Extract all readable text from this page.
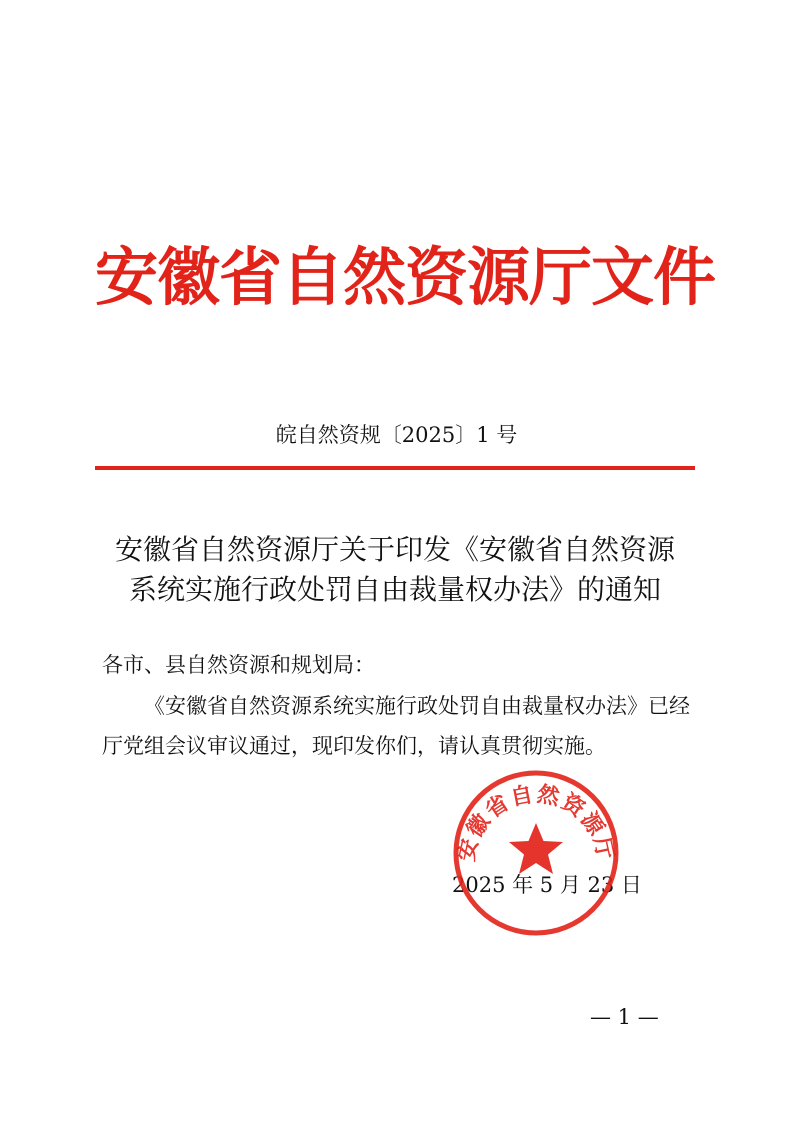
安徽省自然资源厅文件
皖自然资规〔2025〕1 号
安徽省自然资源厅关于印发《安徽省自然资源
系统实施行政处罚自由裁量权办法》的通知
各市、县自然资源和规划局：
《安徽省自然资源系统实施行政处罚自由裁量权办法》已经
厅党组会议审议通过，现印发你们，请认真贯彻实施。
2025 年 5 月 23 日
安徽省自然资源厅
— 1 —
